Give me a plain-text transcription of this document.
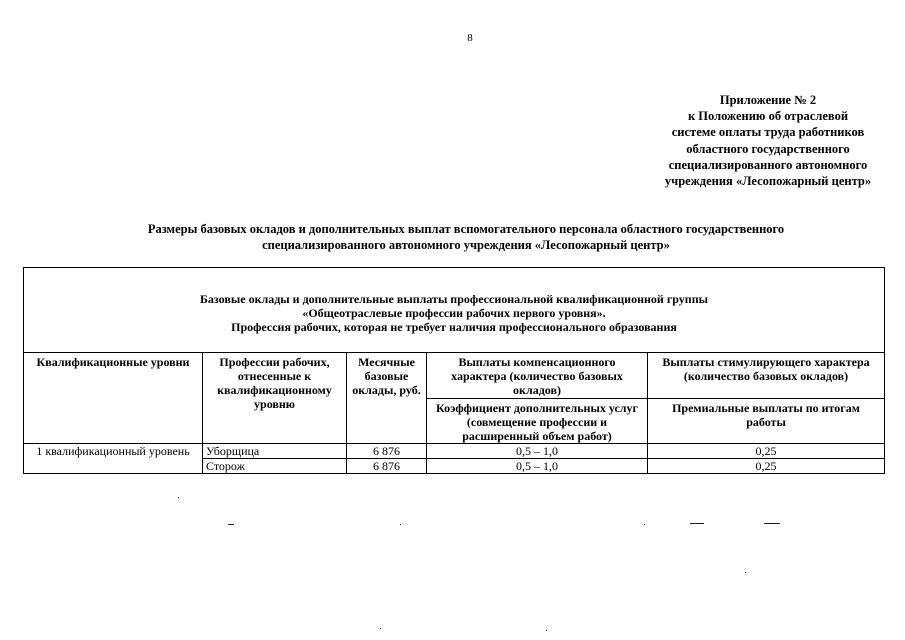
8
Приложение № 2
к Положению об отраслевой
системе оплаты труда работников
областного государственного
специализированного автономного
учреждения «Лесопожарный центр»
Размеры базовых окладов и дополнительных выплат вспомогательного персонала областного государственного
специализированного автономного учреждения «Лесопожарный центр»
Базовые оклады и дополнительные выплаты профессиональной квалификационной группы
«Общеотраслевые профессии рабочих первого уровня».
Профессия рабочих, которая не требует наличия профессионального образования				

Квалификационные уровни	Профессии рабочих, отнесенные к квалификационному уровню	Месячные базовые оклады, руб.	Выплаты компенсационного характера (количество базовых окладов)	Выплаты стимулирующего характера (количество базовых окладов)
			Коэффициент дополнительных услуг (совмещение профессии и расширенный объем работ)	Премиальные выплаты по итогам работы
1 квалификационный уровень	Уборщица	6 876	0,5 – 1,0	0,25
	Сторож	6 876	0,5 – 1,0	0,25
